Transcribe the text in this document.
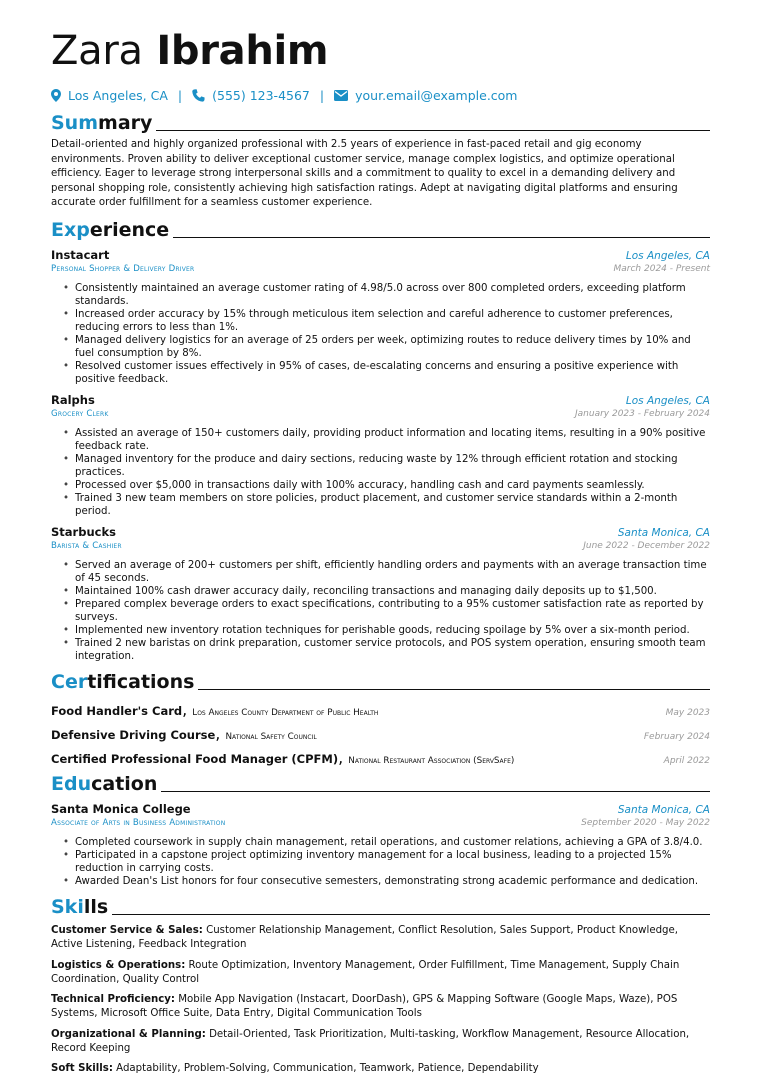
Zara Ibrahim
Los Angeles, CA | (555) 123-4567 | your.email@example.com
Summary
Detail-oriented and highly organized professional with 2.5 years of experience in fast-paced retail and gig economy environments. Proven ability to deliver exceptional customer service, manage complex logistics, and optimize operational efficiency. Eager to leverage strong interpersonal skills and a commitment to quality to excel in a demanding delivery and personal shopping role, consistently achieving high satisfaction ratings. Adept at navigating digital platforms and ensuring accurate order fulfillment for a seamless customer experience.
Experience
Instacart	Los Angeles, CA
Personal Shopper & Delivery Driver	March 2024 - Present
• Consistently maintained an average customer rating of 4.98/5.0 across over 800 completed orders, exceeding platform standards.
• Increased order accuracy by 15% through meticulous item selection and careful adherence to customer preferences, reducing errors to less than 1%.
• Managed delivery logistics for an average of 25 orders per week, optimizing routes to reduce delivery times by 10% and fuel consumption by 8%.
• Resolved customer issues effectively in 95% of cases, de-escalating concerns and ensuring a positive experience with positive feedback.
Ralphs	Los Angeles, CA
Grocery Clerk	January 2023 - February 2024
• Assisted an average of 150+ customers daily, providing product information and locating items, resulting in a 90% positive feedback rate.
• Managed inventory for the produce and dairy sections, reducing waste by 12% through efficient rotation and stocking practices.
• Processed over $5,000 in transactions daily with 100% accuracy, handling cash and card payments seamlessly.
• Trained 3 new team members on store policies, product placement, and customer service standards within a 2-month period.
Starbucks	Santa Monica, CA
Barista & Cashier	June 2022 - December 2022
• Served an average of 200+ customers per shift, efficiently handling orders and payments with an average transaction time of 45 seconds.
• Maintained 100% cash drawer accuracy daily, reconciling transactions and managing daily deposits up to $1,500.
• Prepared complex beverage orders to exact specifications, contributing to a 95% customer satisfaction rate as reported by surveys.
• Implemented new inventory rotation techniques for perishable goods, reducing spoilage by 5% over a six-month period.
• Trained 2 new baristas on drink preparation, customer service protocols, and POS system operation, ensuring smooth team integration.
Certifications
Food Handler's Card, Los Angeles County Department of Public Health	May 2023
Defensive Driving Course, National Safety Council	February 2024
Certified Professional Food Manager (CPFM), National Restaurant Association (ServSafe)	April 2022
Education
Santa Monica College	Santa Monica, CA
Associate of Arts in Business Administration	September 2020 - May 2022
• Completed coursework in supply chain management, retail operations, and customer relations, achieving a GPA of 3.8/4.0.
• Participated in a capstone project optimizing inventory management for a local business, leading to a projected 15% reduction in carrying costs.
• Awarded Dean's List honors for four consecutive semesters, demonstrating strong academic performance and dedication.
Skills
Customer Service & Sales: Customer Relationship Management, Conflict Resolution, Sales Support, Product Knowledge, Active Listening, Feedback Integration
Logistics & Operations: Route Optimization, Inventory Management, Order Fulfillment, Time Management, Supply Chain Coordination, Quality Control
Technical Proficiency: Mobile App Navigation (Instacart, DoorDash), GPS & Mapping Software (Google Maps, Waze), POS Systems, Microsoft Office Suite, Data Entry, Digital Communication Tools
Organizational & Planning: Detail-Oriented, Task Prioritization, Multi-tasking, Workflow Management, Resource Allocation, Record Keeping
Soft Skills: Adaptability, Problem-Solving, Communication, Teamwork, Patience, Dependability
